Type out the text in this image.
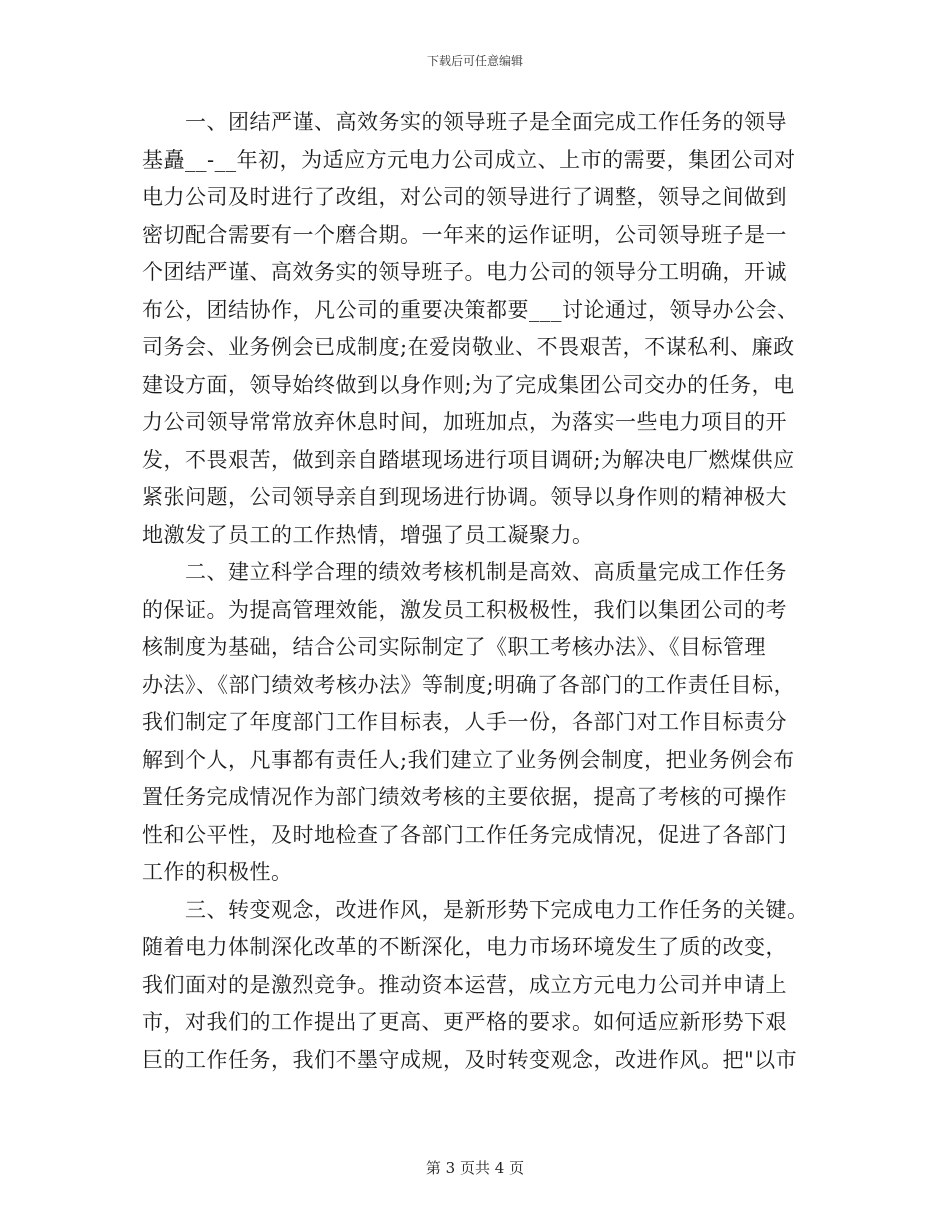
下载后可任意编辑
　　一、团结严谨、高效务实的领导班子是全面完成工作任务的领导
基矗__-__年初，为适应方元电力公司成立、上市的需要，集团公司对
电力公司及时进行了改组，对公司的领导进行了调整，领导之间做到
密切配合需要有一个磨合期。一年来的运作证明，公司领导班子是一
个团结严谨、高效务实的领导班子。电力公司的领导分工明确，开诚
布公，团结协作，凡公司的重要决策都要___讨论通过，领导办公会、
司务会、业务例会已成制度;在爱岗敬业、不畏艰苦，不谋私利、廉政
建设方面，领导始终做到以身作则;为了完成集团公司交办的任务，电
力公司领导常常放弃休息时间，加班加点，为落实一些电力项目的开
发，不畏艰苦，做到亲自踏堪现场进行项目调研;为解决电厂燃煤供应
紧张问题，公司领导亲自到现场进行协调。领导以身作则的精神极大
地激发了员工的工作热情，增强了员工凝聚力。
　　二、建立科学合理的绩效考核机制是高效、高质量完成工作任务
的保证。为提高管理效能，激发员工积极极性，我们以集团公司的考
核制度为基础，结合公司实际制定了《职工考核办法》、《目标管理
办法》、《部门绩效考核办法》等制度;明确了各部门的工作责任目标，
我们制定了年度部门工作目标表，人手一份，各部门对工作目标责分
解到个人，凡事都有责任人;我们建立了业务例会制度，把业务例会布
置任务完成情况作为部门绩效考核的主要依据，提高了考核的可操作
性和公平性，及时地检查了各部门工作任务完成情况，促进了各部门
工作的积极性。
　　三、转变观念，改进作风，是新形势下完成电力工作任务的关键。
随着电力体制深化改革的不断深化，电力市场环境发生了质的改变，
我们面对的是激烈竞争。推动资本运营，成立方元电力公司并申请上
市，对我们的工作提出了更高、更严格的要求。如何适应新形势下艰
巨的工作任务，我们不墨守成规，及时转变观念，改进作风。把"以市
第 3 页共 4 页
